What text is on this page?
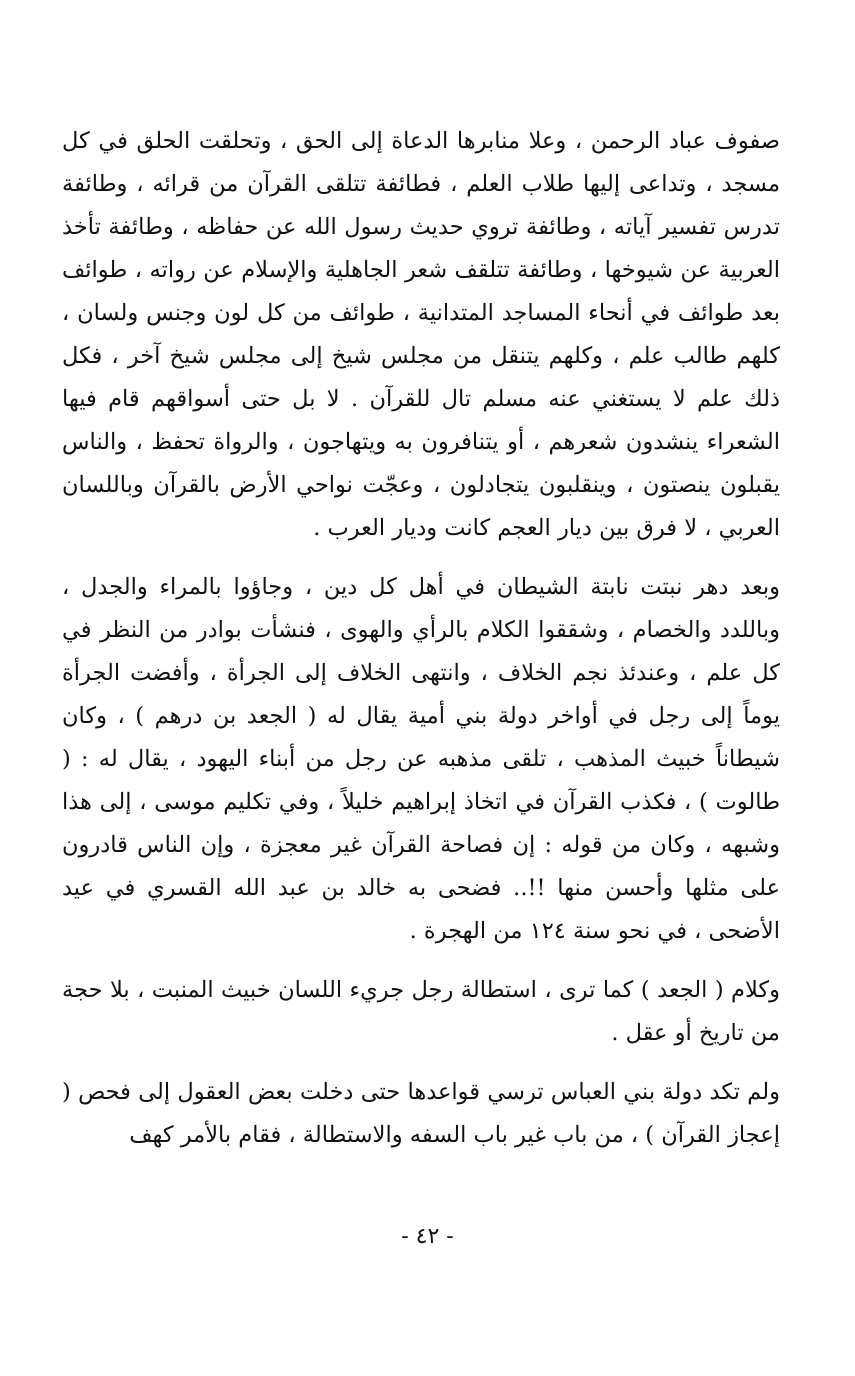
صفوف عباد الرحمن ، وعلا منابرها الدعاة إلى الحق ، وتحلقت الحلق في كل مسجد ، وتداعى إليها طلاب العلم ، فطائفة تتلقى القرآن من قرائه ، وطائفة تدرس تفسير آياته ، وطائفة تروي حديث رسول الله عن حفاظه ، وطائفة تأخذ العربية عن شيوخها ، وطائفة تتلقف شعر الجاهلية والإسلام عن رواته ، طوائف بعد طوائف في أنحاء المساجد المتدانية ، طوائف من كل لون وجنس ولسان ، كلهم طالب علم ، وكلهم يتنقل من مجلس شيخ إلى مجلس شيخ آخر ، فكل ذلك علم لا يستغني عنه مسلم تال للقرآن . لا بل حتى أسواقهم قام فيها الشعراء ينشدون شعرهم ، أو يتنافرون به ويتهاجون ، والرواة تحفظ ، والناس يقبلون ينصتون ، وينقلبون يتجادلون ، وعجّت نواحي الأرض بالقرآن وباللسان العربي ، لا فرق بين ديار العجم كانت وديار العرب .

وبعد دهر نبتت نابتة الشيطان في أهل كل دين ، وجاؤوا بالمراء والجدل ، وباللدد والخصام ، وشققوا الكلام بالرأي والهوى ، فنشأت بوادر من النظر في كل علم ، وعندئذ نجم الخلاف ، وانتهى الخلاف إلى الجرأة ، وأفضت الجرأة يوماً إلى رجل في أواخر دولة بني أمية يقال له ( الجعد بن درهم ) ، وكان شيطاناً خبيث المذهب ، تلقى مذهبه عن رجل من أبناء اليهود ، يقال له : ( طالوت ) ، فكذب القرآن في اتخاذ إبراهيم خليلاً ، وفي تكليم موسى ، إلى هذا وشبهه ، وكان من قوله : إن فصاحة القرآن غير معجزة ، وإن الناس قادرون على مثلها وأحسن منها !!.. فضحى به خالد بن عبد الله القسري في عيد الأضحى ، في نحو سنة ١٢٤ من الهجرة .

وكلام ( الجعد ) كما ترى ، استطالة رجل جريء اللسان خبيث المنبت ، بلا حجة من تاريخ أو عقل .

ولم تكد دولة بني العباس ترسي قواعدها حتى دخلت بعض العقول إلى فحص ( إعجاز القرآن ) ، من باب غير باب السفه والاستطالة ، فقام بالأمر كهف

- ٤٢ -
